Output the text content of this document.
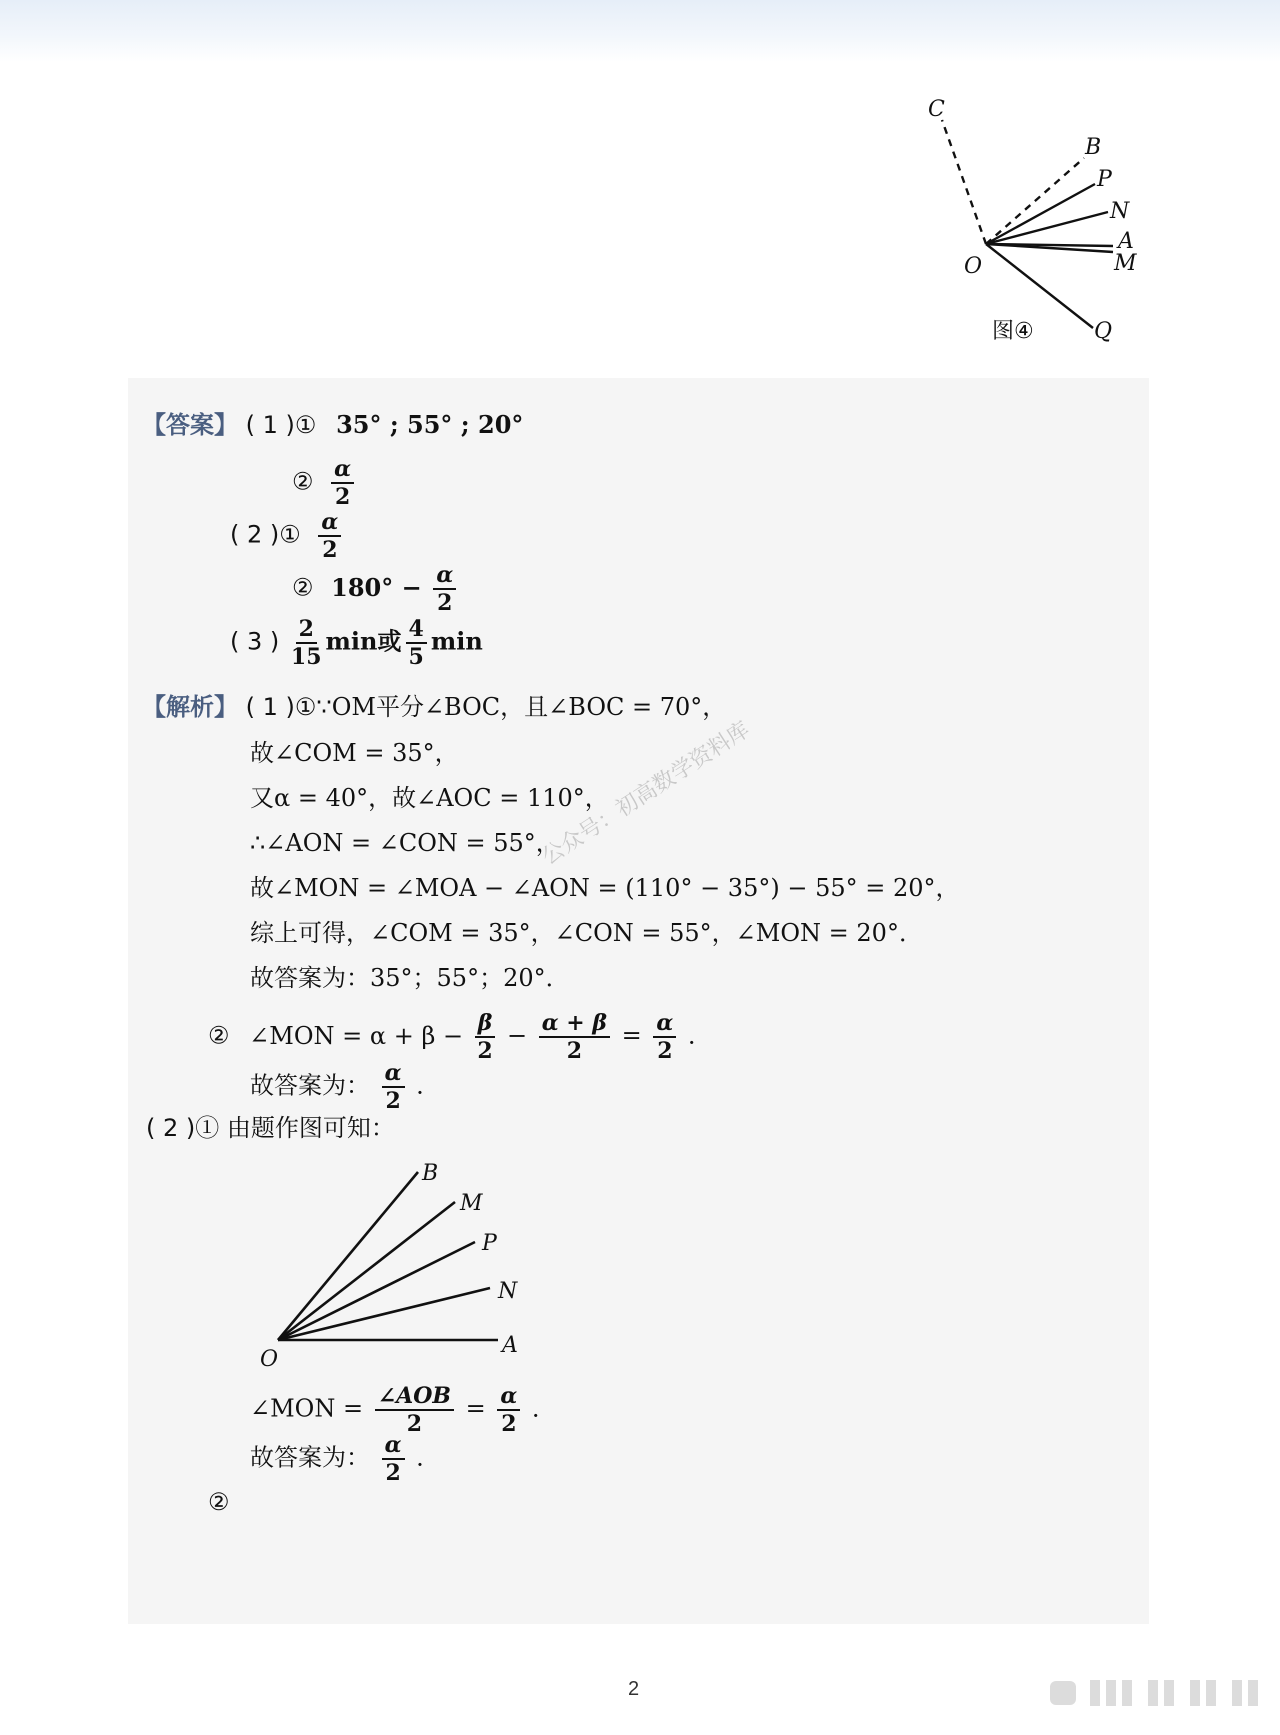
C
B
P
N
A
M
O
Q
图④
【答案】 ( 1 )① 35° ; 55° ; 20°
② $\frac{\alpha}{2}$
( 2 )① $\frac{\alpha}{2}$
② $180^\circ - \frac{\alpha}{2}$
( 3 ) $\frac{2}{15}$ min或 $\frac{4}{5}$ min
【解析】 ( 1 )①∵OM平分∠BOC，且∠BOC = 70°，
故∠COM = 35°，
又α = 40°，故∠AOC = 110°，
∴∠AON = ∠CON = 55°，
故∠MON = ∠MOA − ∠AON = (110° − 35°) − 55° = 20°，
综上可得，∠COM = 35°，∠CON = 55°，∠MON = 20°．
故答案为：35°；55°；20°．
② ∠MON = $\alpha + \beta - \frac{\beta}{2} - \frac{\alpha + \beta}{2} = \frac{\alpha}{2}$ ．
故答案为： $\frac{\alpha}{2}$ ．
( 2 )① 由题作图可知：
B
M
P
N
A
O
∠MON = $\frac{\text{∠AOB}}{2} = \frac{\alpha}{2}$ ．
故答案为： $\frac{\alpha}{2}$ ．
②
公众号：初高数学资料库
2
